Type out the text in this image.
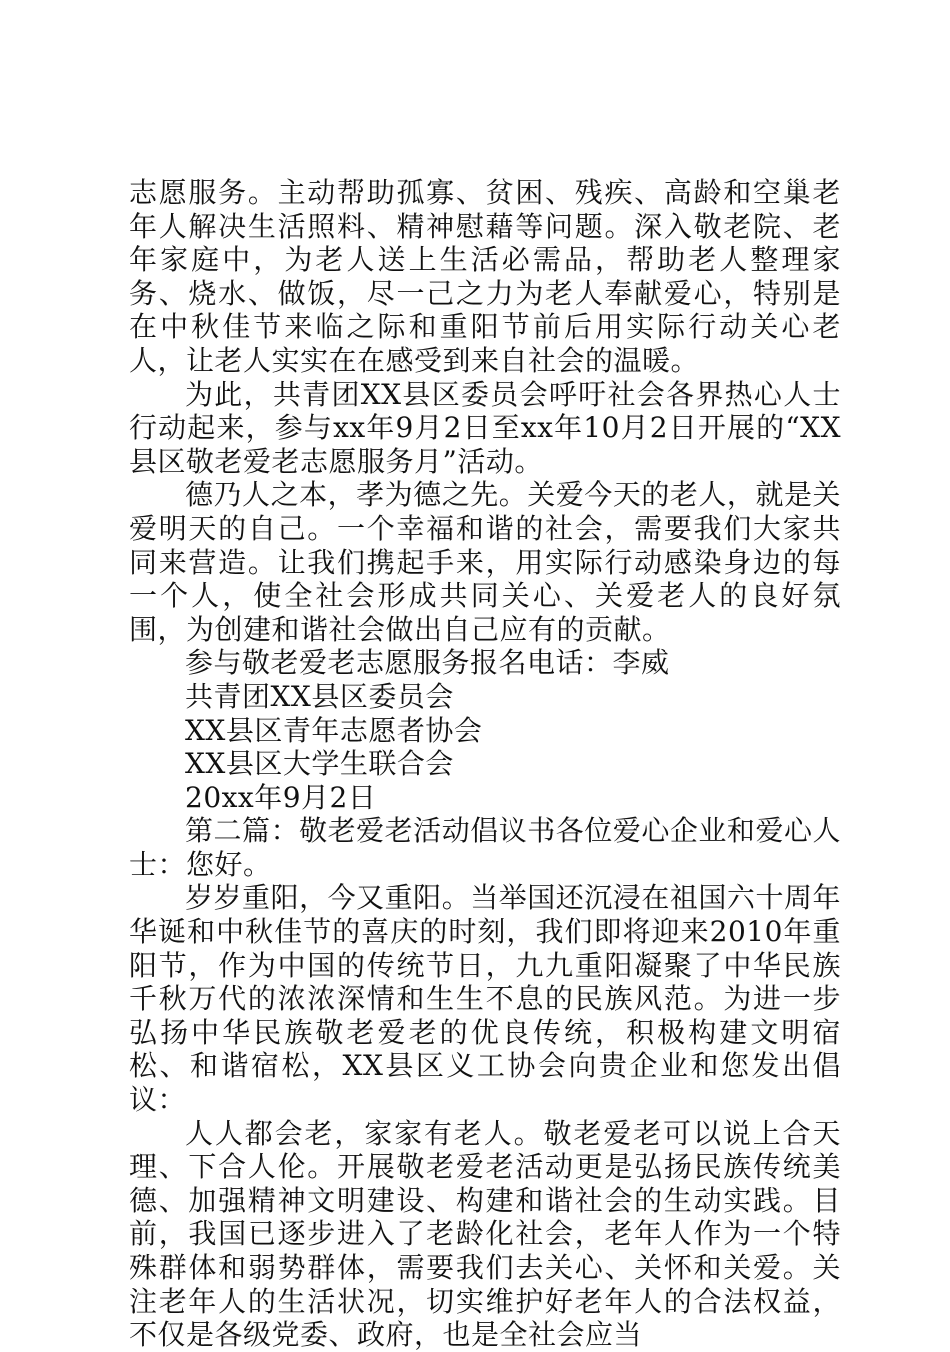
志愿服务。主动帮助孤寡、贫困、残疾、高龄和空巢老年人解决生活照料、精神慰藉等问题。深入敬老院、老年家庭中，为老人送上生活必需品，帮助老人整理家务、烧水、做饭，尽一己之力为老人奉献爱心，特别是在中秋佳节来临之际和重阳节前后用实际行动关心老人，让老人实实在在感受到来自社会的温暖。

为此，共青团XX县区委员会呼吁社会各界热心人士行动起来，参与xx年9月2日至xx年10月2日开展的“XX县区敬老爱老志愿服务月”活动。

德乃人之本，孝为德之先。关爱今天的老人，就是关爱明天的自己。一个幸福和谐的社会，需要我们大家共同来营造。让我们携起手来，用实际行动感染身边的每一个人，使全社会形成共同关心、关爱老人的良好氛围，为创建和谐社会做出自己应有的贡献。

参与敬老爱老志愿服务报名电话：李威

共青团XX县区委员会

XX县区青年志愿者协会

XX县区大学生联合会

20xx年9月2日

第二篇：敬老爱老活动倡议书各位爱心企业和爱心人士：您好。

岁岁重阳，今又重阳。当举国还沉浸在祖国六十周年华诞和中秋佳节的喜庆的时刻，我们即将迎来2010年重阳节，作为中国的传统节日，九九重阳凝聚了中华民族千秋万代的浓浓深情和生生不息的民族风范。为进一步弘扬中华民族敬老爱老的优良传统，积极构建文明宿松、和谐宿松，XX县区义工协会向贵企业和您发出倡议：

人人都会老，家家有老人。敬老爱老可以说上合天理、下合人伦。开展敬老爱老活动更是弘扬民族传统美德、加强精神文明建设、构建和谐社会的生动实践。目前，我国已逐步进入了老龄化社会，老年人作为一个特殊群体和弱势群体，需要我们去关心、关怀和关爱。关注老年人的生活状况，切实维护好老年人的合法权益，不仅是各级党委、政府，也是全社会应当
